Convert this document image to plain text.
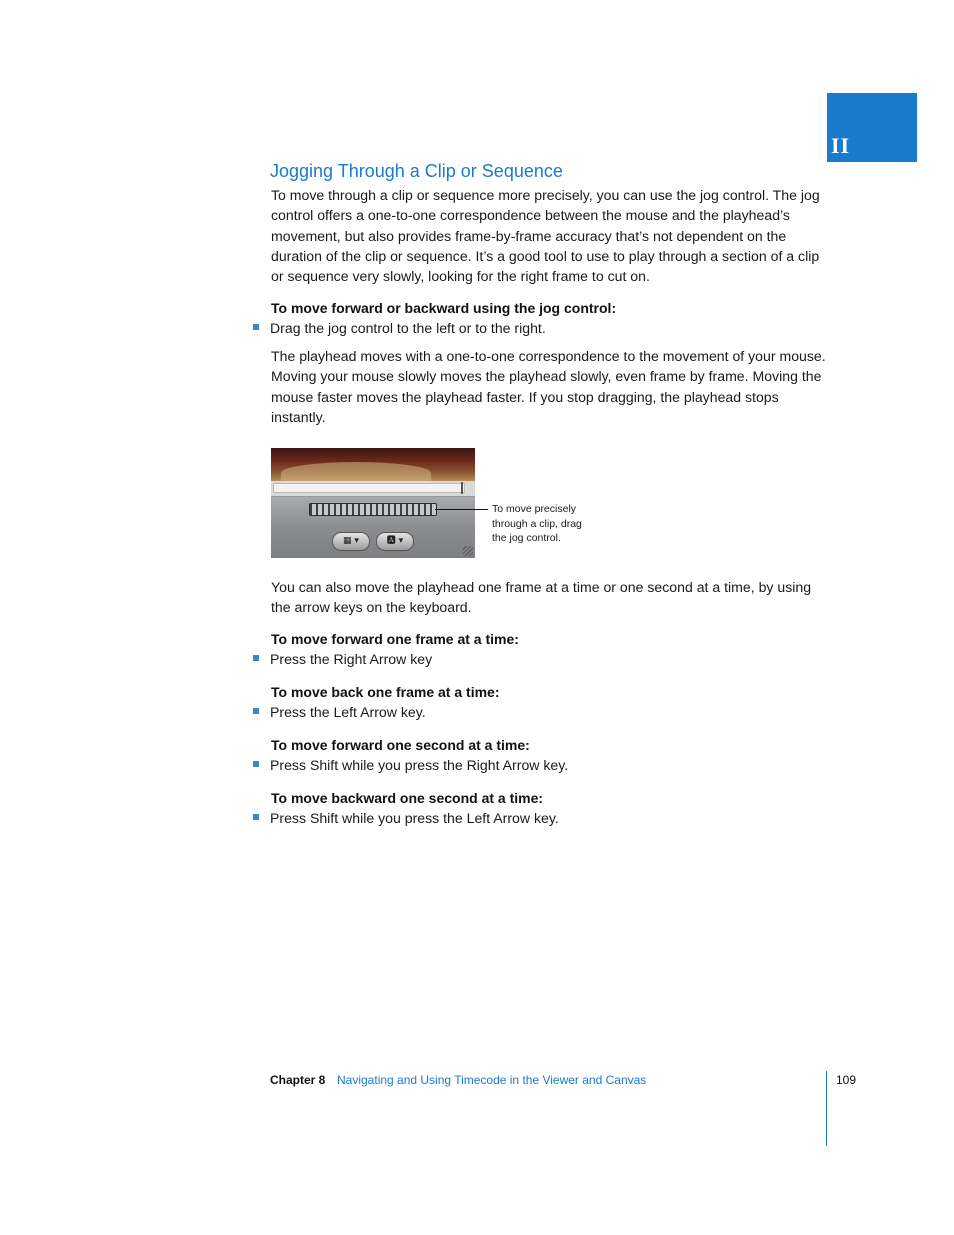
II
Jogging Through a Clip or Sequence

To move through a clip or sequence more precisely, you can use the jog control. The jog control offers a one-to-one correspondence between the mouse and the playhead’s movement, but also provides frame-by-frame accuracy that’s not dependent on the duration of the clip or sequence. It’s a good tool to use to play through a section of a clip or sequence very slowly, looking for the right frame to cut on.

To move forward or backward using the jog control:
Drag the jog control to the left or to the right.

The playhead moves with a one-to-one correspondence to the movement of your mouse. Moving your mouse slowly moves the playhead slowly, even frame by frame. Moving the mouse faster moves the playhead faster. If you stop dragging, the playhead stops instantly.

▦ ▾	🅰 ▾

To move precisely
through a clip, drag
the jog control.

You can also move the playhead one frame at a time or one second at a time, by using the arrow keys on the keyboard.

To move forward one frame at a time:
Press the Right Arrow key
To move back one frame at a time:
Press the Left Arrow key.
To move forward one second at a time:
Press Shift while you press the Right Arrow key.
To move backward one second at a time:
Press Shift while you press the Left Arrow key.
Chapter 8 Navigating and Using Timecode in the Viewer and Canvas	109
